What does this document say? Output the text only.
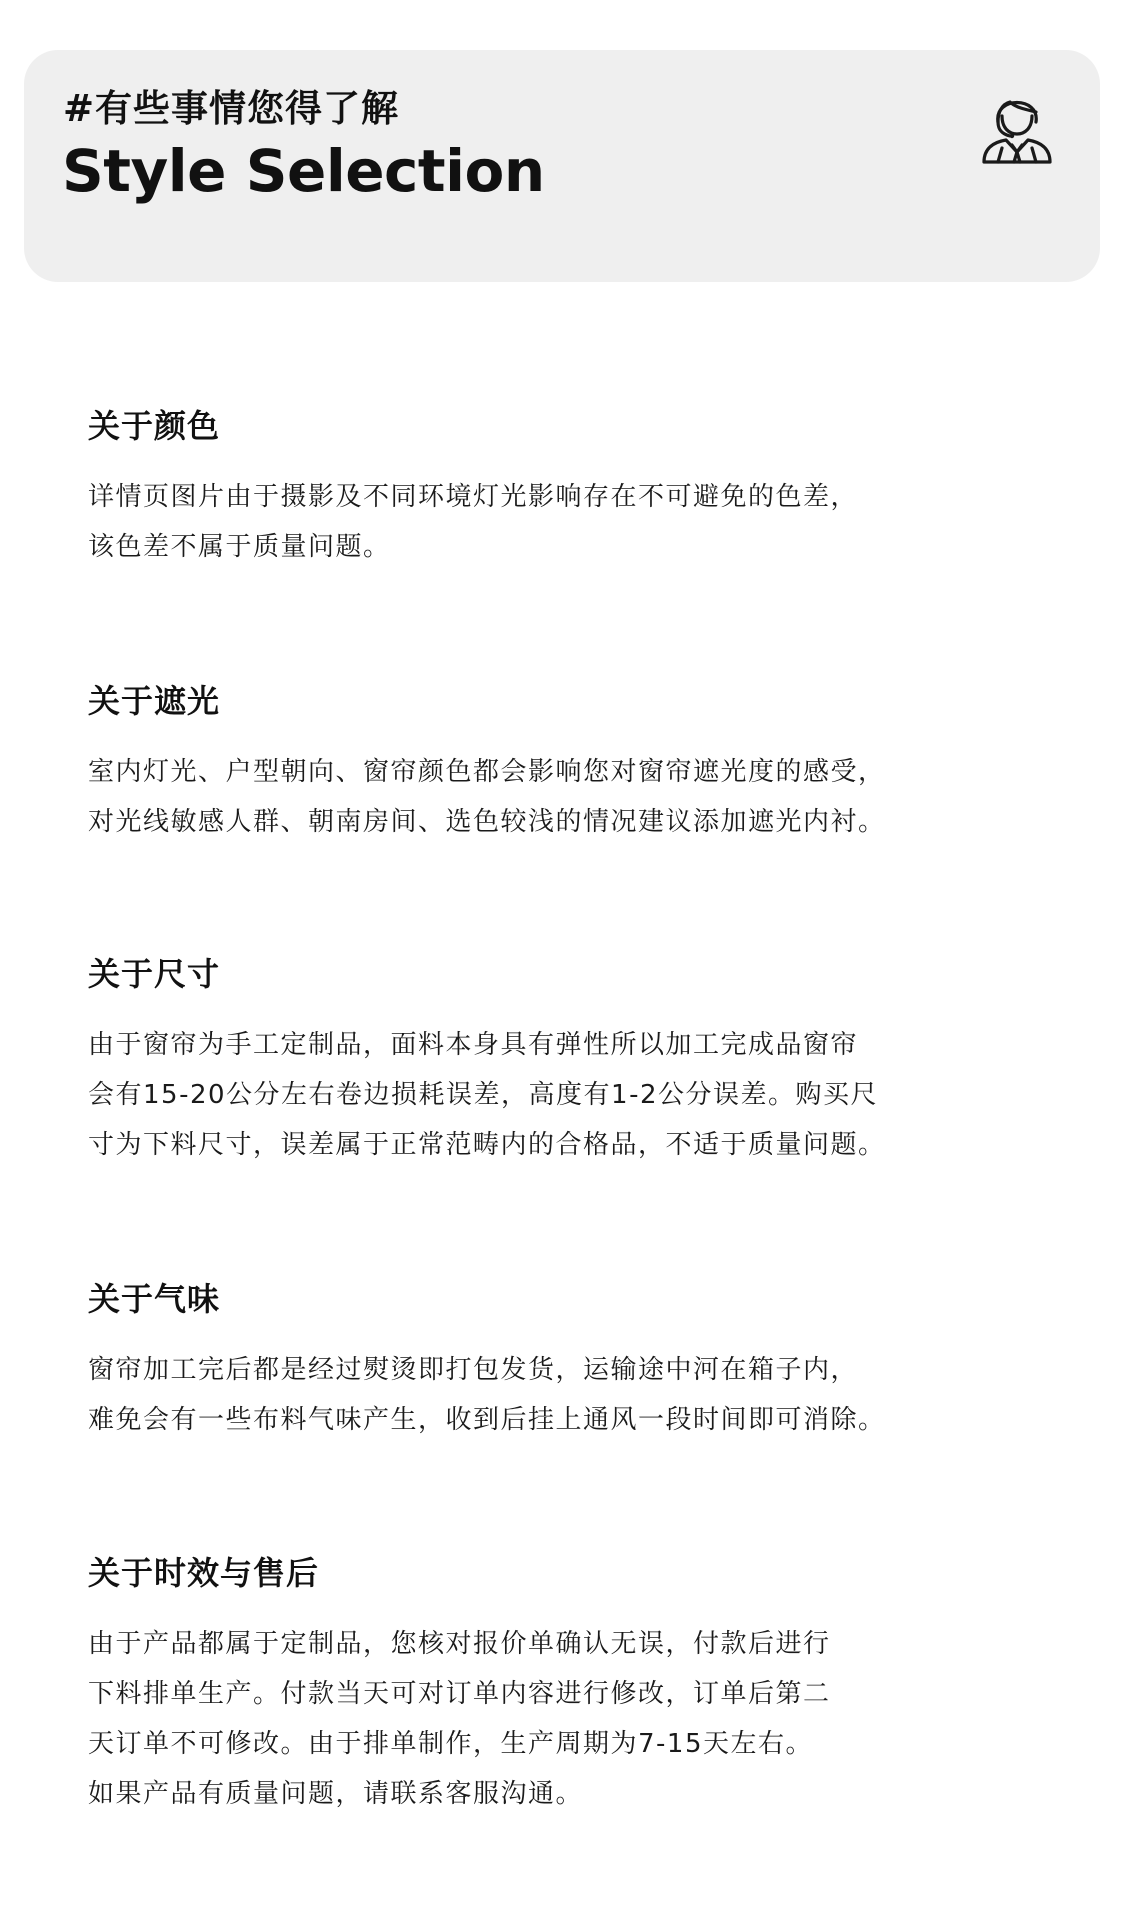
#有些事情您得了解
Style Selection
关于颜色
详情页图片由于摄影及不同环境灯光影响存在不可避免的色差，
该色差不属于质量问题。
关于遮光
室内灯光、户型朝向、窗帘颜色都会影响您对窗帘遮光度的感受，
对光线敏感人群、朝南房间、选色较浅的情况建议添加遮光内衬。
关于尺寸
由于窗帘为手工定制品，面料本身具有弹性所以加工完成品窗帘
会有15-20公分左右卷边损耗误差，高度有1-2公分误差。购买尺
寸为下料尺寸，误差属于正常范畴内的合格品，不适于质量问题。
关于气味
窗帘加工完后都是经过熨烫即打包发货，运输途中河在箱子内，
难免会有一些布料气味产生，收到后挂上通风一段时间即可消除。
关于时效与售后
由于产品都属于定制品，您核对报价单确认无误，付款后进行
下料排单生产。付款当天可对订单内容进行修改，订单后第二
天订单不可修改。由于排单制作，生产周期为7-15天左右。
如果产品有质量问题，请联系客服沟通。
